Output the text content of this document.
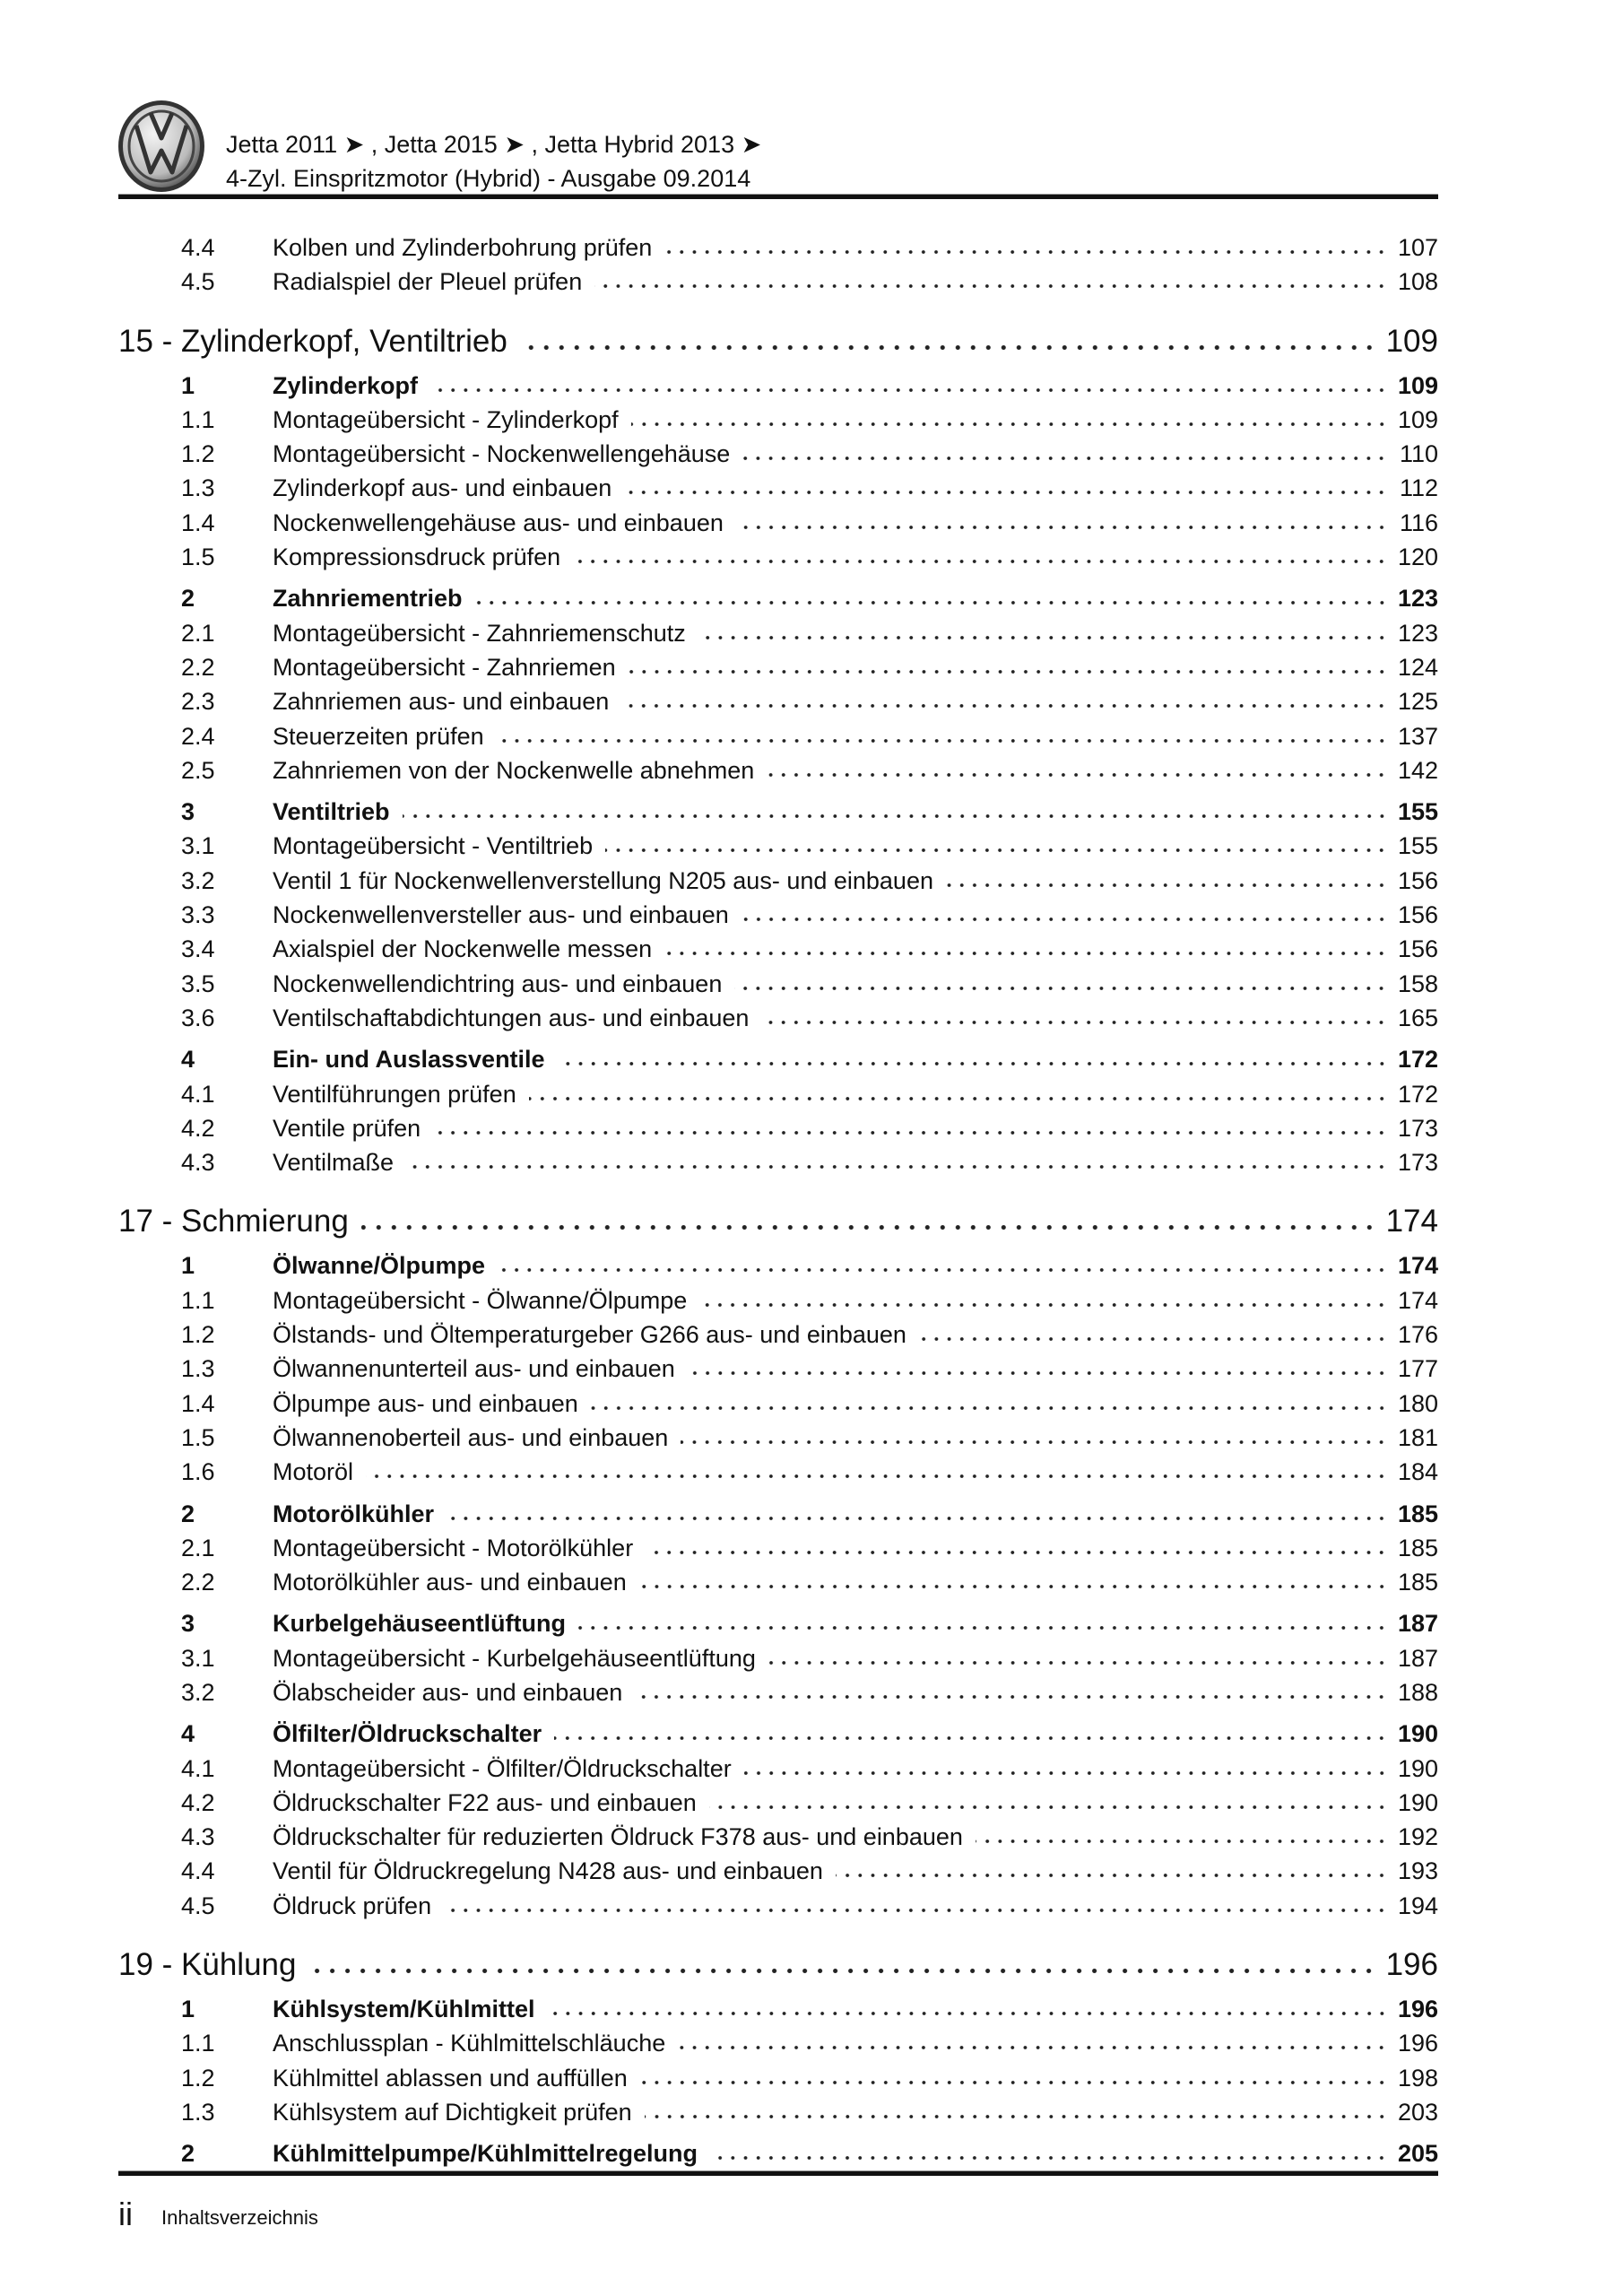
Jetta 2011 ➤ , Jetta 2015 ➤ , Jetta Hybrid 2013 ➤
4-Zyl. Einspritzmotor (Hybrid) - Ausgabe 09.2014
4.4	Kolben und Zylinderbohrung prüfen	107
4.5	Radialspiel der Pleuel prüfen	108
15 - Zylinderkopf, Ventiltrieb	109
1	Zylinderkopf	109
1.1	Montageübersicht - Zylinderkopf	109
1.2	Montageübersicht - Nockenwellengehäuse	110
1.3	Zylinderkopf aus- und einbauen	112
1.4	Nockenwellengehäuse aus- und einbauen	116
1.5	Kompressionsdruck prüfen	120
2	Zahnriementrieb	123
2.1	Montageübersicht - Zahnriemenschutz	123
2.2	Montageübersicht - Zahnriemen	124
2.3	Zahnriemen aus- und einbauen	125
2.4	Steuerzeiten prüfen	137
2.5	Zahnriemen von der Nockenwelle abnehmen	142
3	Ventiltrieb	155
3.1	Montageübersicht - Ventiltrieb	155
3.2	Ventil 1 für Nockenwellenverstellung N205 aus- und einbauen	156
3.3	Nockenwellenversteller aus- und einbauen	156
3.4	Axialspiel der Nockenwelle messen	156
3.5	Nockenwellendichtring aus- und einbauen	158
3.6	Ventilschaftabdichtungen aus- und einbauen	165
4	Ein- und Auslassventile	172
4.1	Ventilführungen prüfen	172
4.2	Ventile prüfen	173
4.3	Ventilmaße	173
17 - Schmierung	174
1	Ölwanne/Ölpumpe	174
1.1	Montageübersicht - Ölwanne/Ölpumpe	174
1.2	Ölstands- und Öltemperaturgeber G266 aus- und einbauen	176
1.3	Ölwannenunterteil aus- und einbauen	177
1.4	Ölpumpe aus- und einbauen	180
1.5	Ölwannenoberteil aus- und einbauen	181
1.6	Motoröl	184
2	Motorölkühler	185
2.1	Montageübersicht - Motorölkühler	185
2.2	Motorölkühler aus- und einbauen	185
3	Kurbelgehäuseentlüftung	187
3.1	Montageübersicht - Kurbelgehäuseentlüftung	187
3.2	Ölabscheider aus- und einbauen	188
4	Ölfilter/Öldruckschalter	190
4.1	Montageübersicht - Ölfilter/Öldruckschalter	190
4.2	Öldruckschalter F22 aus- und einbauen	190
4.3	Öldruckschalter für reduzierten Öldruck F378 aus- und einbauen	192
4.4	Ventil für Öldruckregelung N428 aus- und einbauen	193
4.5	Öldruck prüfen	194
19 - Kühlung	196
1	Kühlsystem/Kühlmittel	196
1.1	Anschlussplan - Kühlmittelschläuche	196
1.2	Kühlmittel ablassen und auffüllen	198
1.3	Kühlsystem auf Dichtigkeit prüfen	203
2	Kühlmittelpumpe/Kühlmittelregelung	205
ii Inhaltsverzeichnis
